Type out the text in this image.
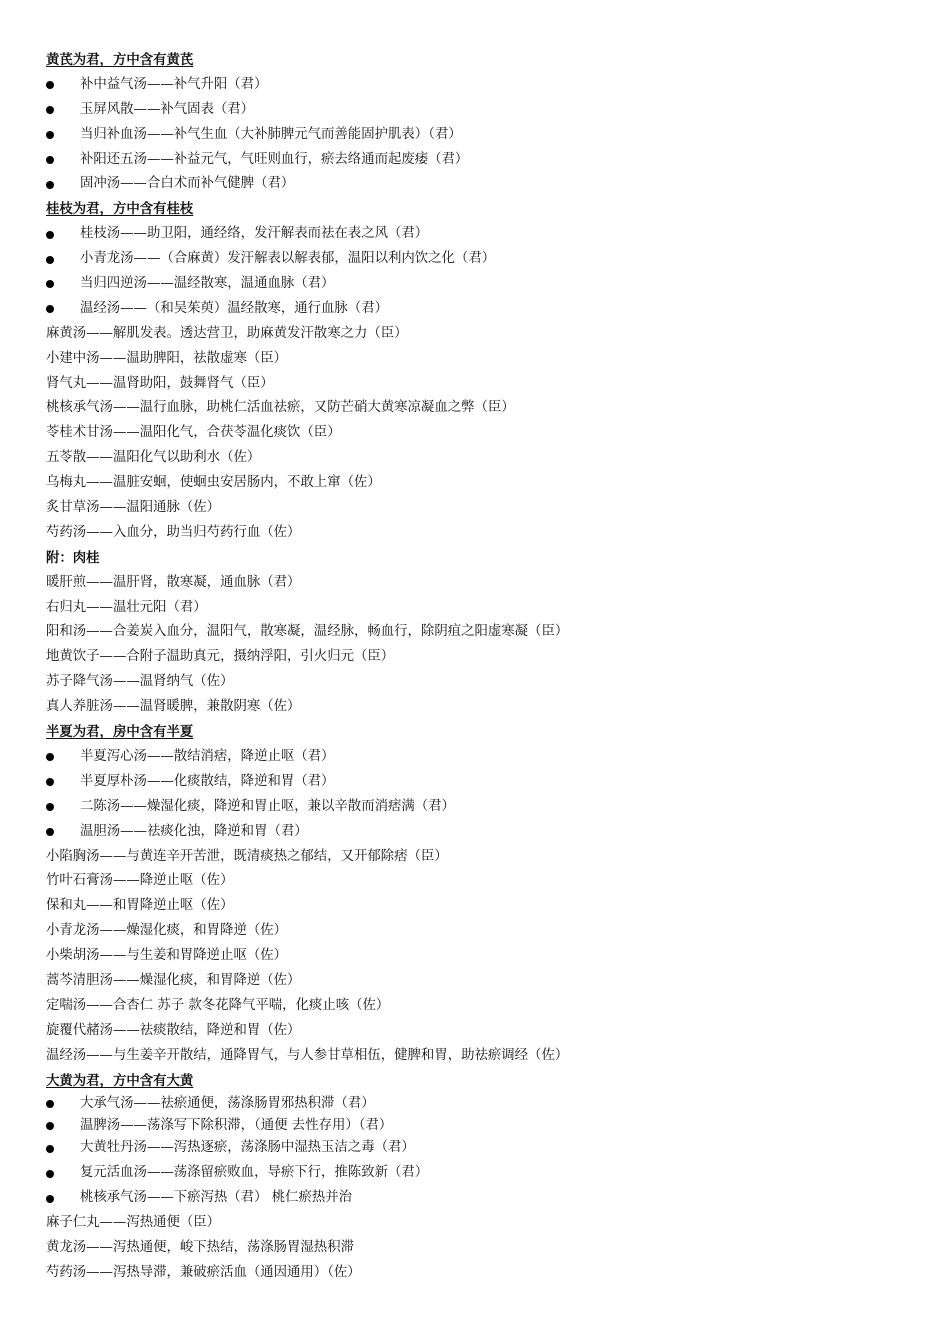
黄芪为君，方中含有黄芪
补中益气汤——补气升阳（君）
玉屏风散——补气固表（君）
当归补血汤——补气生血（大补肺脾元气而善能固护肌表）（君）
补阳还五汤——补益元气，气旺则血行，瘀去络通而起废痿（君）
固冲汤——合白术而补气健脾（君）
桂枝为君，方中含有桂枝
桂枝汤——助卫阳，通经络，发汗解表而祛在表之风（君）
小青龙汤——（合麻黄）发汗解表以解表郁，温阳以利内饮之化（君）
当归四逆汤——温经散寒，温通血脉（君）
温经汤——（和吴茱萸）温经散寒，通行血脉（君）
麻黄汤——解肌发表。透达营卫，助麻黄发汗散寒之力（臣）
小建中汤——温助脾阳，祛散虚寒（臣）
肾气丸——温肾助阳，鼓舞肾气（臣）
桃核承气汤——温行血脉，助桃仁活血祛瘀，又防芒硝大黄寒凉凝血之弊（臣）
苓桂术甘汤——温阳化气，合茯苓温化痰饮（臣）
五苓散——温阳化气以助利水（佐）
乌梅丸——温脏安蛔，使蛔虫安居肠内，不敢上窜（佐）
炙甘草汤——温阳通脉（佐）
芍药汤——入血分，助当归芍药行血（佐）
附：肉桂
暖肝煎——温肝肾，散寒凝，通血脉（君）
右归丸——温壮元阳（君）
阳和汤——合姜炭入血分，温阳气，散寒凝，温经脉，畅血行，除阴疽之阳虚寒凝（臣）
地黄饮子——合附子温助真元，摄纳浮阳，引火归元（臣）
苏子降气汤——温肾纳气（佐）
真人养脏汤——温肾暖脾，兼散阴寒（佐）
半夏为君，房中含有半夏
半夏泻心汤——散结消痞，降逆止呕（君）
半夏厚朴汤——化痰散结，降逆和胃（君）
二陈汤——燥湿化痰，降逆和胃止呕，兼以辛散而消痞满（君）
温胆汤——祛痰化浊，降逆和胃（君）
小陷胸汤——与黄连辛开苦泄，既清痰热之郁结，又开郁除痞（臣）
竹叶石膏汤——降逆止呕（佐）
保和丸——和胃降逆止呕（佐）
小青龙汤——燥湿化痰，和胃降逆（佐）
小柴胡汤——与生姜和胃降逆止呕（佐）
蒿芩清胆汤——燥湿化痰，和胃降逆（佐）
定喘汤——合杏仁 苏子 款冬花降气平喘，化痰止咳（佐）
旋覆代赭汤——祛痰散结，降逆和胃（佐）
温经汤——与生姜辛开散结，通降胃气，与人参甘草相伍，健脾和胃，助祛瘀调经（佐）
大黄为君，方中含有大黄
大承气汤——祛瘀通便，荡涤肠胃邪热积滞（君）
温脾汤——荡涤写下除积滞，（通便 去性存用）（君）
大黄牡丹汤——泻热逐瘀，荡涤肠中湿热玉洁之毒（君）
复元活血汤——荡涤留瘀败血，导瘀下行，推陈致新（君）
桃核承气汤——下瘀泻热（君） 桃仁瘀热并治
麻子仁丸——泻热通便（臣）
黄龙汤——泻热通便，峻下热结，荡涤肠胃湿热积滞
芍药汤——泻热导滞，兼破瘀活血（通因通用）（佐）
